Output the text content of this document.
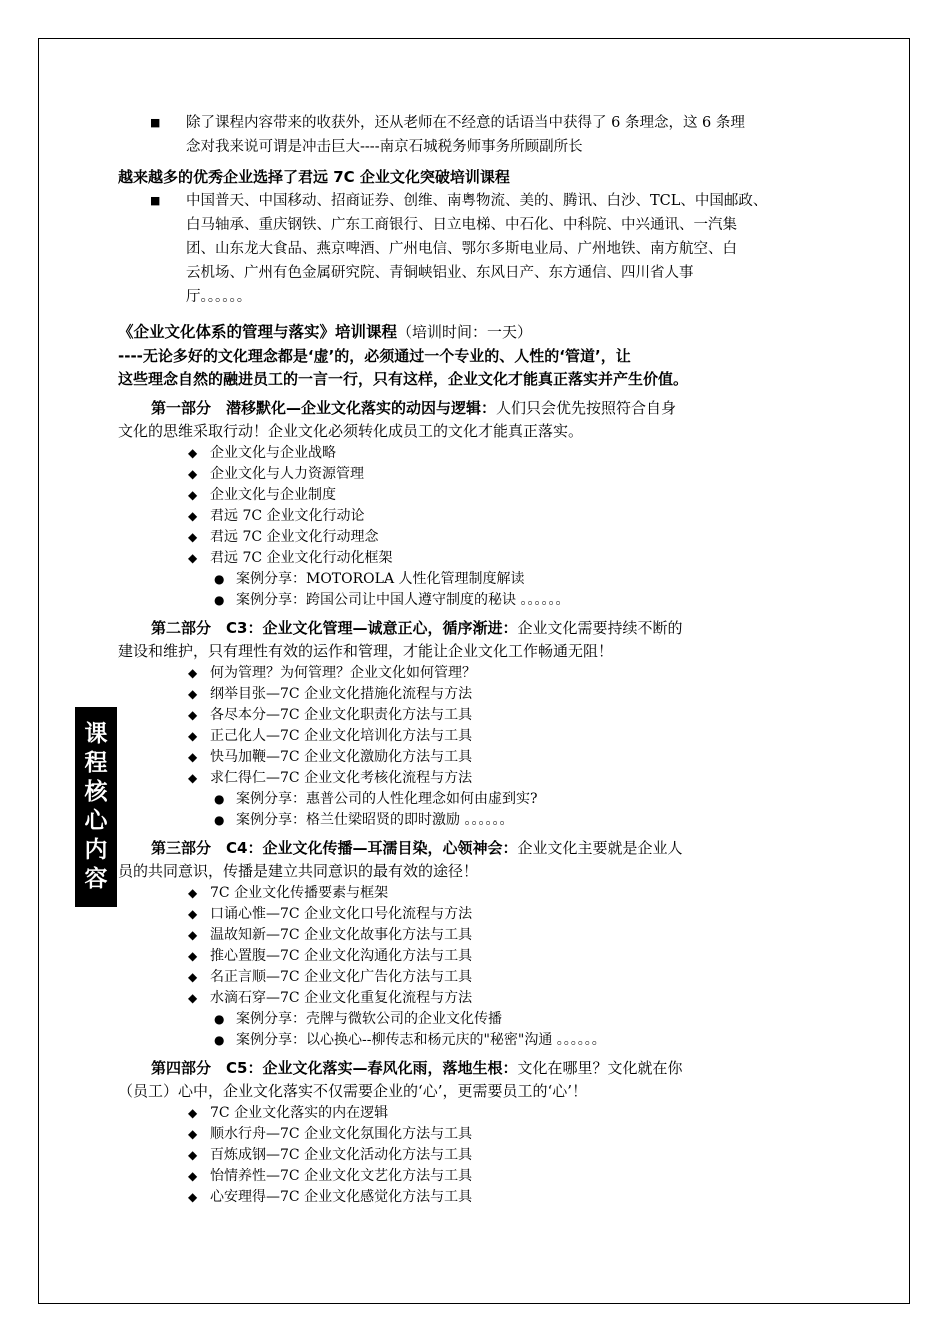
课程核心内容
■	除了课程内容带来的收获外，还从老师在不经意的话语当中获得了 6 条理念，这 6 条理
念对我来说可谓是冲击巨大----南京石城税务师事务所顾副所长
越来越多的优秀企业选择了君远 7C 企业文化突破培训课程
■	中国普天、中国移动、招商证券、创维、南粤物流、美的、腾讯、白沙、TCL、中国邮政、
白马轴承、重庆钢铁、广东工商银行、日立电梯、中石化、中科院、中兴通讯、一汽集
团、山东龙大食品、燕京啤酒、广州电信、鄂尔多斯电业局、广州地铁、南方航空、白
云机场、广州有色金属研究院、青铜峡铝业、东风日产、东方通信、四川省人事
厅。。。。。。
《企业文化体系的管理与落实》培训课程（培训时间：一天）
----无论多好的文化理念都是‘虚’的，必须通过一个专业的、人性的‘管道’，让
这些理念自然的融进员工的一言一行，只有这样，企业文化才能真正落实并产生价值。
第一部分　潜移默化—企业文化落实的动因与逻辑：人们只会优先按照符合自身
文化的思维采取行动！企业文化必须转化成员工的文化才能真正落实。
◆ 企业文化与企业战略
◆ 企业文化与人力资源管理
◆ 企业文化与企业制度
◆ 君远 7C 企业文化行动论
◆ 君远 7C 企业文化行动理念
◆ 君远 7C 企业文化行动化框架
● 案例分享：MOTOROLA 人性化管理制度解读
● 案例分享：跨国公司让中国人遵守制度的秘诀 。。。。。。
第二部分　C3：企业文化管理—诚意正心，循序渐进：企业文化需要持续不断的
建设和维护，只有理性有效的运作和管理，才能让企业文化工作畅通无阻！
◆ 何为管理？为何管理？企业文化如何管理？
◆ 纲举目张—7C 企业文化措施化流程与方法
◆ 各尽本分—7C 企业文化职责化方法与工具
◆ 正己化人—7C 企业文化培训化方法与工具
◆ 快马加鞭—7C 企业文化激励化方法与工具
◆ 求仁得仁—7C 企业文化考核化流程与方法
● 案例分享：惠普公司的人性化理念如何由虚到实?
● 案例分享：格兰仕梁昭贤的即时激励 。。。。。。
第三部分　C4：企业文化传播—耳濡目染，心领神会：企业文化主要就是企业人
员的共同意识，传播是建立共同意识的最有效的途径！
◆ 7C 企业文化传播要素与框架
◆ 口诵心惟—7C 企业文化口号化流程与方法
◆ 温故知新—7C 企业文化故事化方法与工具
◆ 推心置腹—7C 企业文化沟通化方法与工具
◆ 名正言顺—7C 企业文化广告化方法与工具
◆ 水滴石穿—7C 企业文化重复化流程与方法
● 案例分享：壳牌与微软公司的企业文化传播
● 案例分享：以心换心--柳传志和杨元庆的"秘密"沟通 。。。。。。
第四部分　C5：企业文化落实—春风化雨，落地生根：文化在哪里？文化就在你
（员工）心中，企业文化落实不仅需要企业的‘心’，更需要员工的‘心’！
◆ 7C 企业文化落实的内在逻辑
◆ 顺水行舟—7C 企业文化氛围化方法与工具
◆ 百炼成钢—7C 企业文化活动化方法与工具
◆ 怡情养性—7C 企业文化文艺化方法与工具
◆ 心安理得—7C 企业文化感觉化方法与工具
